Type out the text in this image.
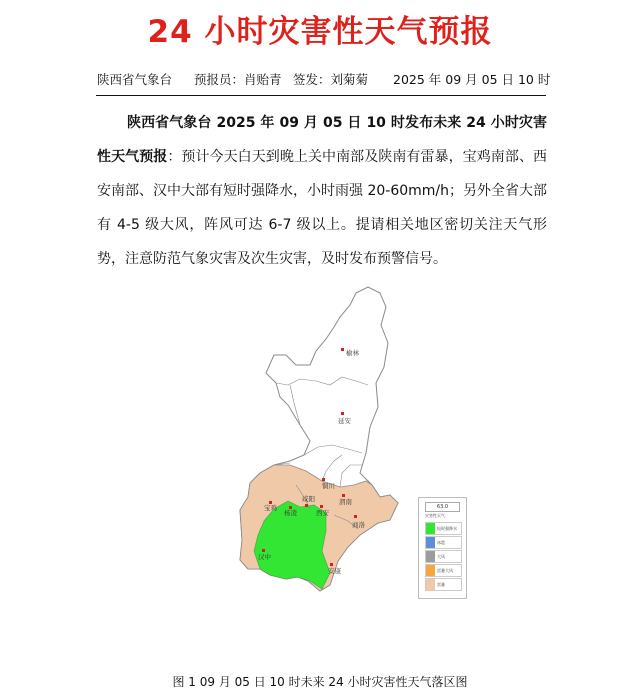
24 小时灾害性天气预报
陕西省气象台 预报员：肖贻青 签发：刘菊菊 2025 年 09 月 05 日 10 时

陕西省气象台 2025 年 09 月 05 日 10 时发布未来 24 小时灾害性天气预报：预计今天白天到晚上关中南部及陕南有雷暴，宝鸡南部、西安南部、汉中大部有短时强降水，小时雨强 20-60mm/h；另外全省大部有 4-5 级大风，阵风可达 6-7 级以上。提请相关地区密切关注天气形势，注意防范气象灾害及次生灾害，及时发布预警信号。

榆林
延安
铜川
渭南
宝鸡
咸阳
杨凌	西安
商洛
汉中
安康
63.0
灾害性天气
短时强降水
冰雹
大风
雷暴大风
雷暴
图 1 09 月 05 日 10 时未来 24 小时灾害性天气落区图
